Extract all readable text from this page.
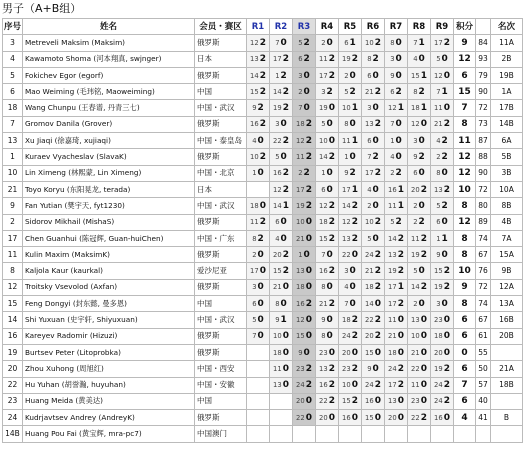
男子（A+B组）
序号	姓名	会员・赛区	R1	R2	R3	R4	R5	R6	R7	R8	R9	积分		名次
3	Metreveli Maksim (Maksim)	俄罗斯	122	70	52	20	61	102	80	71	172	9	84	11A
4	Kawamoto Shoma (河本翔真, swjnger)	日本	132	172	62	112	192	82	30	40	50	12	93	2B
5	Fokichev Egor (egorf)	俄罗斯	142	12	30	172	20	60	90	151	120	6	79	19B
6	Mao Weiming (毛玮铭, Maoweiming)	中国	152	142	20	32	52	212	62	82	71	15	90	1A
18	Wang Chunpu (王春谱, 丹青三七)	中国・武汉	92	192	70	190	101	30	121	181	110	7	72	17B
7	Gromov Danila (Grover)	俄罗斯	162	30	182	50	80	132	70	120	212	8	73	14B
13	Xu Jiaqi (徐嘉琦, xujiaqi)	中国・泰皇岛	40	222	122	100	111	60	10	30	42	11	87	6A
1	Kuraev Vyacheslav (SlavaK)	俄罗斯	102	50	112	142	10	72	40	92	22	12	88	5B
10	Lin Ximeng (林熙蒙, Lin Ximeng)	中国・北京	10	162	22	10	92	172	22	60	80	12	90	3B
21	Toyo Koryu (东阳晃龙, terada)	日本		122	172	60	171	40	161	202	132	10	72	10A
9	Fan Yutian (樊宇天, fyt1230)	中国・武汉	180	141	192	122	142	20	111	20	52	8	80	8B
2	Sidorov Mikhail (MishaS)	俄罗斯	112	60	100	182	122	102	52	22	60	12	89	4B
17	Chen Guanhui (陈冠辉, Guan-huiChen)	中国・广东	82	40	210	152	132	50	142	112	11	8	74	7A
11	Kulin Maxim (MaksimK)	俄罗斯	20	202	10	70	220	242	132	192	90	8	67	15A
8	Kaljola Kaur (kaurkal)	爱沙尼亚	170	152	130	162	30	212	192	50	152	10	76	9B
12	Troitsky Vsevolod (Axfan)	俄罗斯	30	210	180	80	40	182	171	142	192	9	72	12A
15	Feng Dongyi (封东懿, 曼多恩)	中国	60	80	162	212	70	140	172	20	30	8	74	13A
14	Shi Yuxuan (史宇轩, Shiyuxuan)	中国・武汉	50	91	120	90	182	222	110	130	230	6	67	16B
16	Kareyev Radomir (Hizuzi)	俄罗斯	70	100	150	80	242	202	210	100	180	6	61	20B
19	Burtsev Peter (Litoprobka)	俄罗斯		180	90	230	200	150	180	210	200	0	55	
20	Zhou Xuhong (周旭红)	中国・西安		110	232	132	232	90	242	220	192	6	50	21A
22	Hu Yuhan (胡誉瀚, huyuhan)	中国・安徽		130	242	162	100	242	172	110	242	7	57	18B
23	Huang Meida (黄美达)	中国			200	222	152	160	130	230	242	6	40	
24	Kudrjavtsev Andrey (AndreyK)	俄罗斯			220	200	160	150	200	222	160	4	41	B
14B	Huang Pou Fai (黄宝辉, mra-pc7)	中国澳门												
